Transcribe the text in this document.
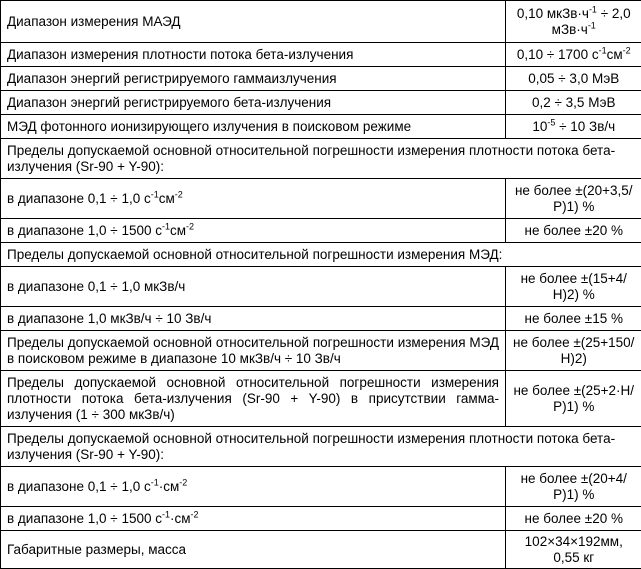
Диапазон измерения МАЭД	0,10 $мкЗв\cdot ч^{-1} \div 2,0$ $мЗв\cdot ч^{-1}$
Диапазон измерения плотности потока бета-излучения	0,10 ÷ 1700 $с^{-1}см^{-2}$
Диапазон энергий регистрируемого гаммаизлучения	0,05 ÷ 3,0 МэВ
Диапазон энергий регистрируемого бета-излучения	0,2 ÷ 3,5 МэВ
МЭД фотонного ионизирующего излучения в поисковом режиме	$10^{-5} \div 10$ Зв/ч
Пределы допускаемой основной относительной погрешности измерения плотности потока бета-излучения (Sr-90 + Y-90):	
в диапазоне 0,1 ÷ 1,0 $с^{-1}см^{-2}$	не более ±(20+3,5/Р)1) %
в диапазоне 1,0 ÷ 1500 $с^{-1}см^{-2}$	не более ±20 %
Пределы допускаемой основной относительной погрешности измерения МЭД:	
в диапазоне 0,1 ÷ 1,0 мкЗв/ч	не более ±(15+4/Н)2) %
в диапазоне 1,0 мкЗв/ч ÷ 10 Зв/ч	не более ±15 %
Пределы допускаемой основной относительной погрешности измерения МЭД в поисковом режиме в диапазоне 10 мкЗв/ч ÷ 10 Зв/ч	не более ±(25+150/Н)2)
Пределы допускаемой основной относительной погрешности измерения плотности потока бета-излучения (Sr-90 + Y-90) в присутствии гамма-излучения (1 ÷ 300 мкЗв/ч)	не более ±(25+2·Н/Р)1) %
Пределы допускаемой основной относительной погрешности измерения плотности потока бета-излучения (Sr-90 + Y-90):	
в диапазоне 0,1 ÷ 1,0 $с^{-1}\cdot см^{-2}$	не более ±(20+4/Р)1) %
в диапазоне 1,0 ÷ 1500 $с^{-1}\cdot см^{-2}$	не более ±20 %
Габаритные размеры, масса	102×34×192мм, 0,55 кг
